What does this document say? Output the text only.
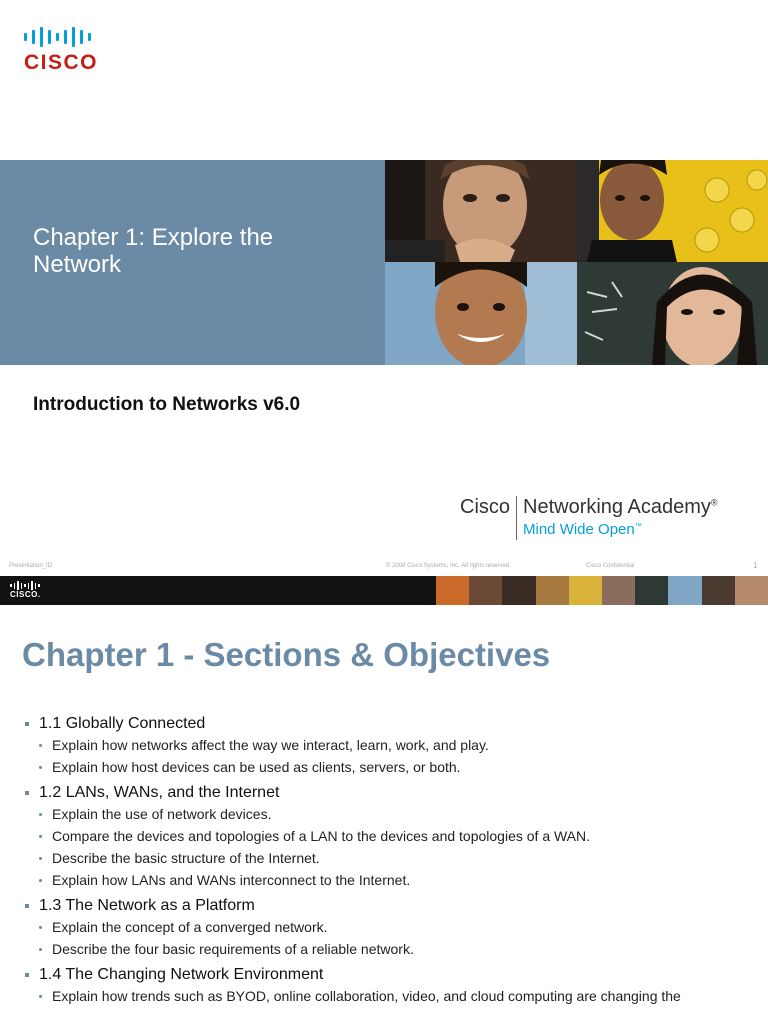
CISCO
Chapter 1: Explore the Network
Introduction to Networks v6.0
Cisco Networking Academy®
Mind Wide Open™
Presentation_ID	© 2008 Cisco Systems, Inc. All rights reserved.	Cisco Confidential	1
CISCO.
Chapter 1 - Sections & Objectives
1.1 Globally Connected
Explain how networks affect the way we interact, learn, work, and play.
Explain how host devices can be used as clients, servers, or both.
1.2 LANs, WANs, and the Internet
Explain the use of network devices.
Compare the devices and topologies of a LAN to the devices and topologies of a WAN.
Describe the basic structure of the Internet.
Explain how LANs and WANs interconnect to the Internet.
1.3 The Network as a Platform
Explain the concept of a converged network.
Describe the four basic requirements of a reliable network.
1.4 The Changing Network Environment
Explain how trends such as BYOD, online collaboration, video, and cloud computing are changing the
